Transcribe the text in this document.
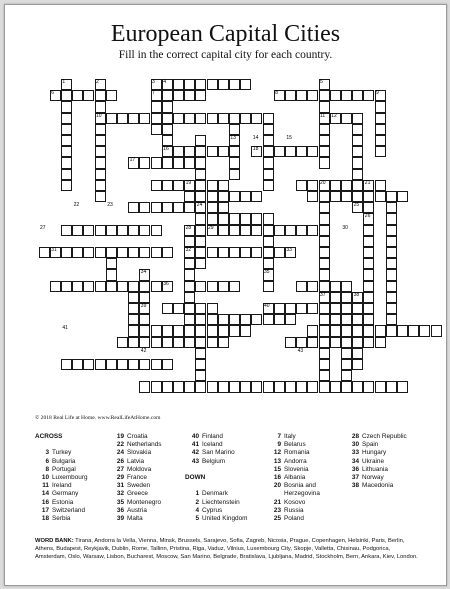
European Capital Cities
Fill in the correct capital city for each country.
1	2	3 4	5
6	7	8	9
10	11 12
13	14	15
16
17
18
19	20	21
22	23	24	25
26
27	28	29	30
31	32	33
34	35
36
37	38
39	40
41
42	43
© 2018 Real Life at Home. www.RealLifeAtHome.com
ACROSS
3 Turkey
6 Bulgaria
8 Portugal
10 Luxembourg
11 Ireland
14 Germany
16 Estonia
17 Switzerland
18 Serbia
19 Croatia
22 Netherlands
24 Slovakia
26 Latvia
27 Moldova
29 France
31 Sweden
32 Greece
35 Montenegro
36 Austria
39 Malta
40 Finland
41 Iceland
42 San Marino
43 Belgium
DOWN
1 Denmark
2 Liechtenstein
4 Cyprus
5 United Kingdom
7 Italy
9 Belarus
12 Romania
13 Andorra
15 Slovenia
16 Albania
20 Bosnia and
Herzegovina
21 Kosovo
23 Russia
25 Poland
28 Czech Republic
30 Spain
33 Hungary
34 Ukraine
36 Lithuania
37 Norway
38 Macedonia
WORD BANK: Tirana, Andorra la Vella, Vienna, Minsk, Brussels, Sarajevo, Sofia, Zagreb, Nicosia, Prague, Copenhagen, Helsinki, Paris, Berlin, Athens, Budapest, Reykjavik, Dublin, Rome, Tallinn, Pristina, Riga, Vaduz, Vilnius, Luxembourg City, Skopje, Valletta, Chisinau, Podgorica, Amsterdam, Oslo, Warsaw, Lisbon, Bucharest, Moscow, San Marino, Belgrade, Bratislava, Ljubljana, Madrid, Stockholm, Bern, Ankara, Kiev, London.
